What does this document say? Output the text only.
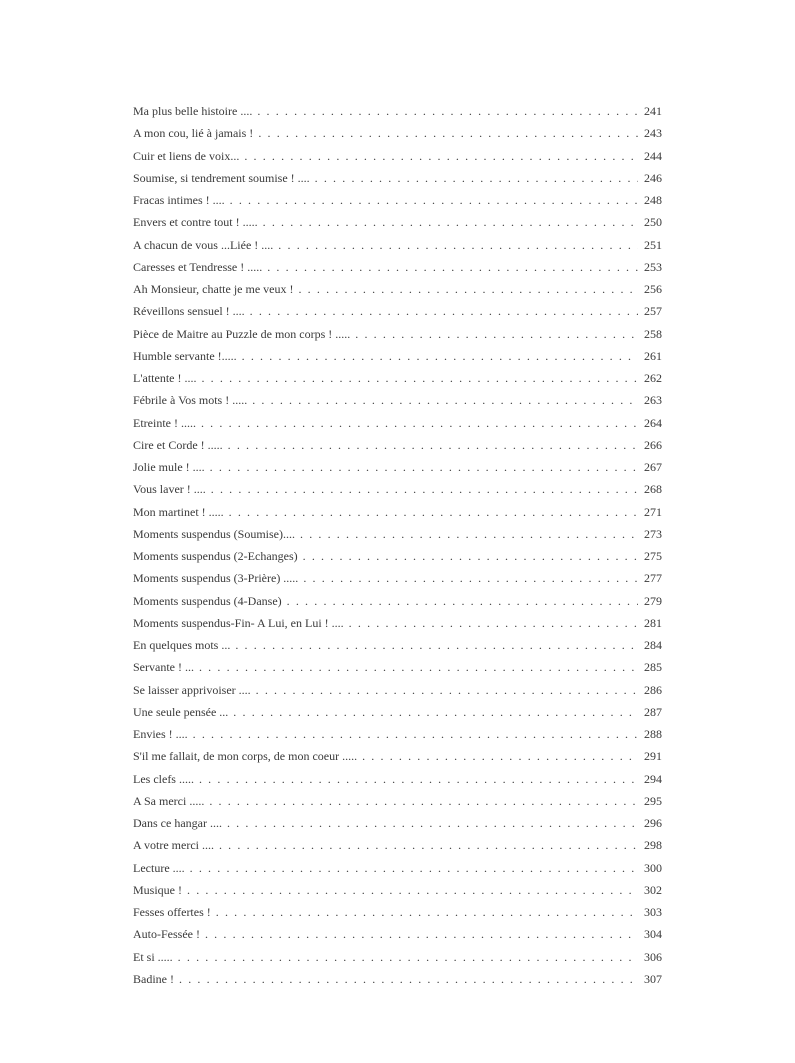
Ma plus belle histoire .... . . .	241
A mon cou, lié à jamais ! . . .	243
Cuir et liens de voix... . . .	244
Soumise, si tendrement soumise ! .... . . .	246
Fracas intimes ! .... . . .	248
Envers et contre tout ! ..... . . .	250
A chacun de vous ...Liée ! .... . . .	251
Caresses et Tendresse ! ..... . . .	253
Ah Monsieur, chatte je me veux ! . . .	256
Réveillons sensuel ! .... . . .	257
Pièce de Maitre au Puzzle de mon corps ! ..... . . .	258
Humble servante !..... . . .	261
L'attente ! .... . . .	262
Fébrile à Vos mots ! ..... . . .	263
Etreinte ! ..... . . .	264
Cire et Corde ! ..... . . .	266
Jolie mule ! .... . . .	267
Vous laver ! .... . . .	268
Mon martinet ! ..... . . .	271
Moments suspendus (Soumise).... . . .	273
Moments suspendus (2-Echanges) . . .	275
Moments suspendus (3-Prière) ..... . . .	277
Moments suspendus (4-Danse) . . .	279
Moments suspendus-Fin- A Lui, en Lui ! .... . . .	281
En quelques mots ... . . .	284
Servante ! ... . . .	285
Se laisser apprivoiser .... . . .	286
Une seule pensée ... . . .	287
Envies ! .... . . .	288
S'il me fallait, de mon corps, de mon coeur ..... . . .	291
Les clefs ..... . . .	294
A Sa merci ..... . . .	295
Dans ce hangar .... . . .	296
A votre merci .... . . .	298
Lecture .... . . .	300
Musique ! . . .	302
Fesses offertes ! . . .	303
Auto-Fessée ! . . .	304
Et si ..... . . .	306
Badine ! . . .	307
